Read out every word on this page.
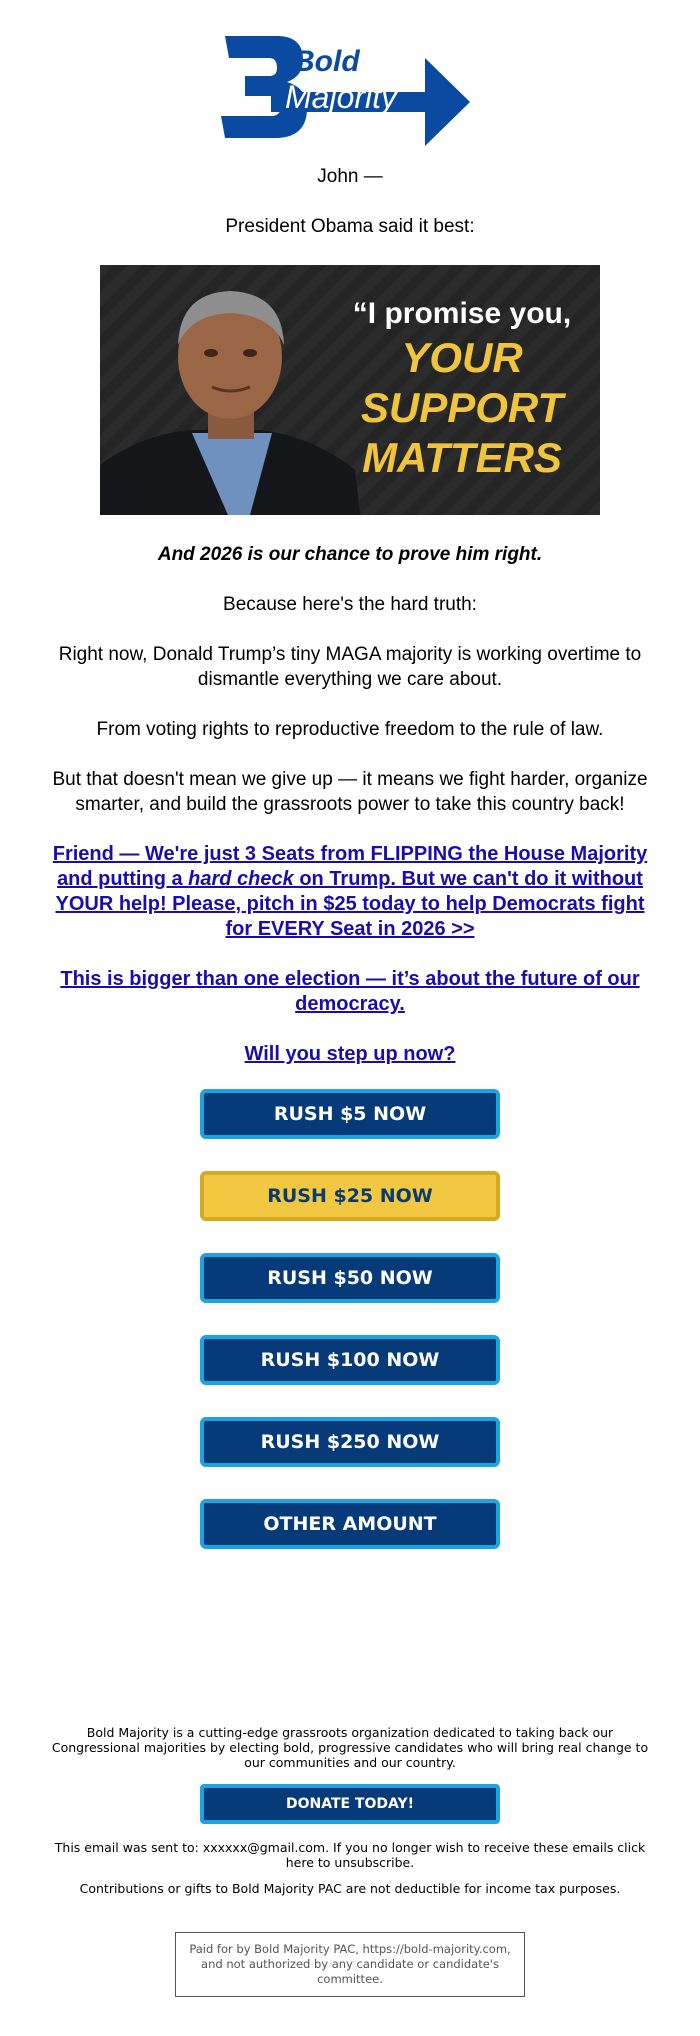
Bold
Majority

John —

President Obama said it best:

“I promise you,
YOUR
SUPPORT
MATTERS

And 2026 is our chance to prove him right.

Because here's the hard truth:

Right now, Donald Trump’s tiny MAGA majority is working overtime to dismantle everything we care about.

From voting rights to reproductive freedom to the rule of law.

But that doesn't mean we give up — it means we fight harder, organize smarter, and build the grassroots power to take this country back!

Friend — We're just 3 Seats from FLIPPING the House Majority and putting a hard check on Trump. But we can't do it without YOUR help! Please, pitch in $25 today to help Democrats fight for EVERY Seat in 2026 >>
This is bigger than one election — it’s about the future of our democracy.
Will you step up now?
RUSH $5 NOW
RUSH $25 NOW
RUSH $50 NOW
RUSH $100 NOW
RUSH $250 NOW
OTHER AMOUNT

Bold Majority is a cutting-edge grassroots organization dedicated to taking back our Congressional majorities by electing bold, progressive candidates who will bring real change to our communities and our country.

DONATE TODAY!

This email was sent to: xxxxxx@gmail.com. If you no longer wish to receive these emails click here to unsubscribe.

Contributions or gifts to Bold Majority PAC are not deductible for income tax purposes.

Paid for by Bold Majority PAC, https://bold-majority.com, and not authorized by any candidate or candidate's committee.
